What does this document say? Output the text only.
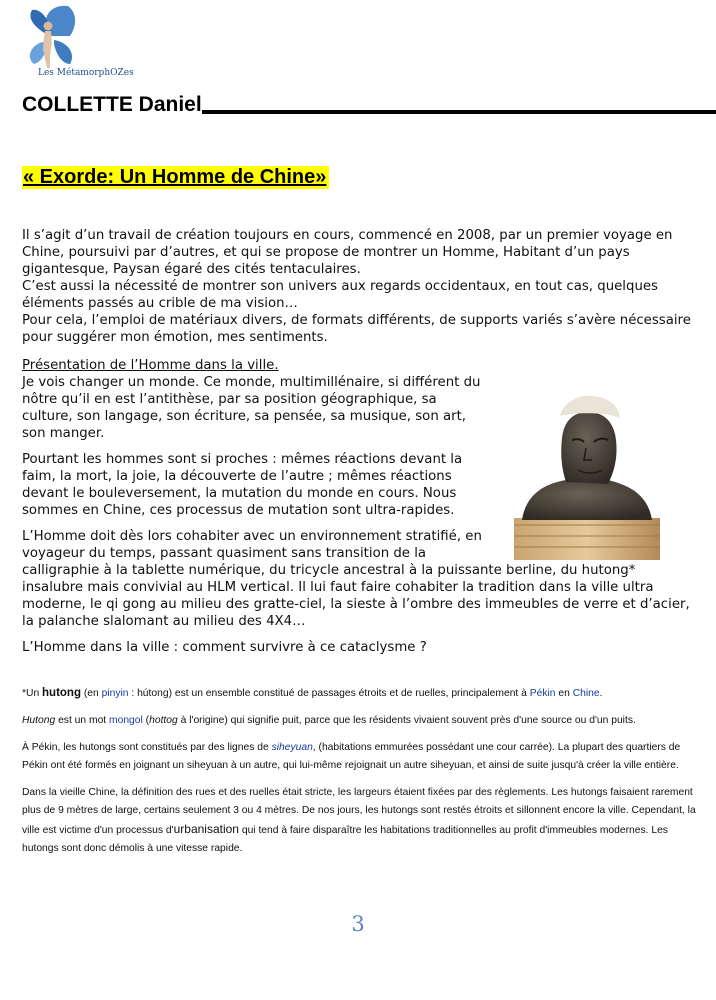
Les MétamorphOZes
COLLETTE Daniel
« Exorde: Un Homme de Chine»

Il s’agit d’un travail de création toujours en cours, commencé en 2008, par un premier voyage en Chine, poursuivi par d’autres, et qui se propose de montrer un Homme, Habitant d’un pays gigantesque, Paysan égaré des cités tentaculaires.

C’est aussi la nécessité de montrer son univers aux regards occidentaux, en tout cas, quelques éléments passés au crible de ma vision…

Pour cela, l’emploi de matériaux divers, de formats différents, de supports variés s’avère nécessaire pour suggérer mon émotion, mes sentiments.

Présentation de l’Homme dans la ville.

Je vois changer un monde. Ce monde, multimillénaire, si différent du nôtre qu’il en est l’antithèse, par sa position géographique, sa culture, son langage, son écriture, sa pensée, sa musique, son art, son manger.

Pourtant les hommes sont si proches : mêmes réactions devant la faim, la mort, la joie, la découverte de l’autre ; mêmes réactions devant le bouleversement, la mutation du monde en cours. Nous sommes en Chine, ces processus de mutation sont ultra-rapides.

L’Homme doit dès lors cohabiter avec un environnement stratifié, en voyageur du temps, passant quasiment sans transition de la
calligraphie à la tablette numérique, du tricycle ancestral à la puissante berline, du hutong* insalubre mais convivial au HLM vertical. Il lui faut faire cohabiter la tradition dans la ville ultra moderne, le qi gong au milieu des gratte-ciel, la sieste à l’ombre des immeubles de verre et d’acier, la palanche slalomant au milieu des 4X4…

L’Homme dans la ville : comment survivre à ce cataclysme ?

*Un hutong (en pinyin : hútong) est un ensemble constitué de passages étroits et de ruelles, principalement à Pékin en Chine.

Hutong est un mot mongol (hottog à l'origine) qui signifie puit, parce que les résidents vivaient souvent près d'une source ou d'un puits.

À Pékin, les hutongs sont constitués par des lignes de siheyuan, (habitations emmurées possédant une cour carrée). La plupart des quartiers de Pékin ont été formés en joignant un siheyuan à un autre, qui lui-même rejoignait un autre siheyuan, et ainsi de suite jusqu'à créer la ville entière.

Dans la vieille Chine, la définition des rues et des ruelles était stricte, les largeurs étaient fixées par des règlements. Les hutongs faisaient rarement plus de 9 mètres de large, certains seulement 3 ou 4 mètres. De nos jours, les hutongs sont restés étroits et sillonnent encore la ville. Cependant, la ville est victime d'un processus d'urbanisation qui tend à faire disparaître les habitations traditionnelles au profit d'immeubles modernes. Les hutongs sont donc démolis à une vitesse rapide.

3
